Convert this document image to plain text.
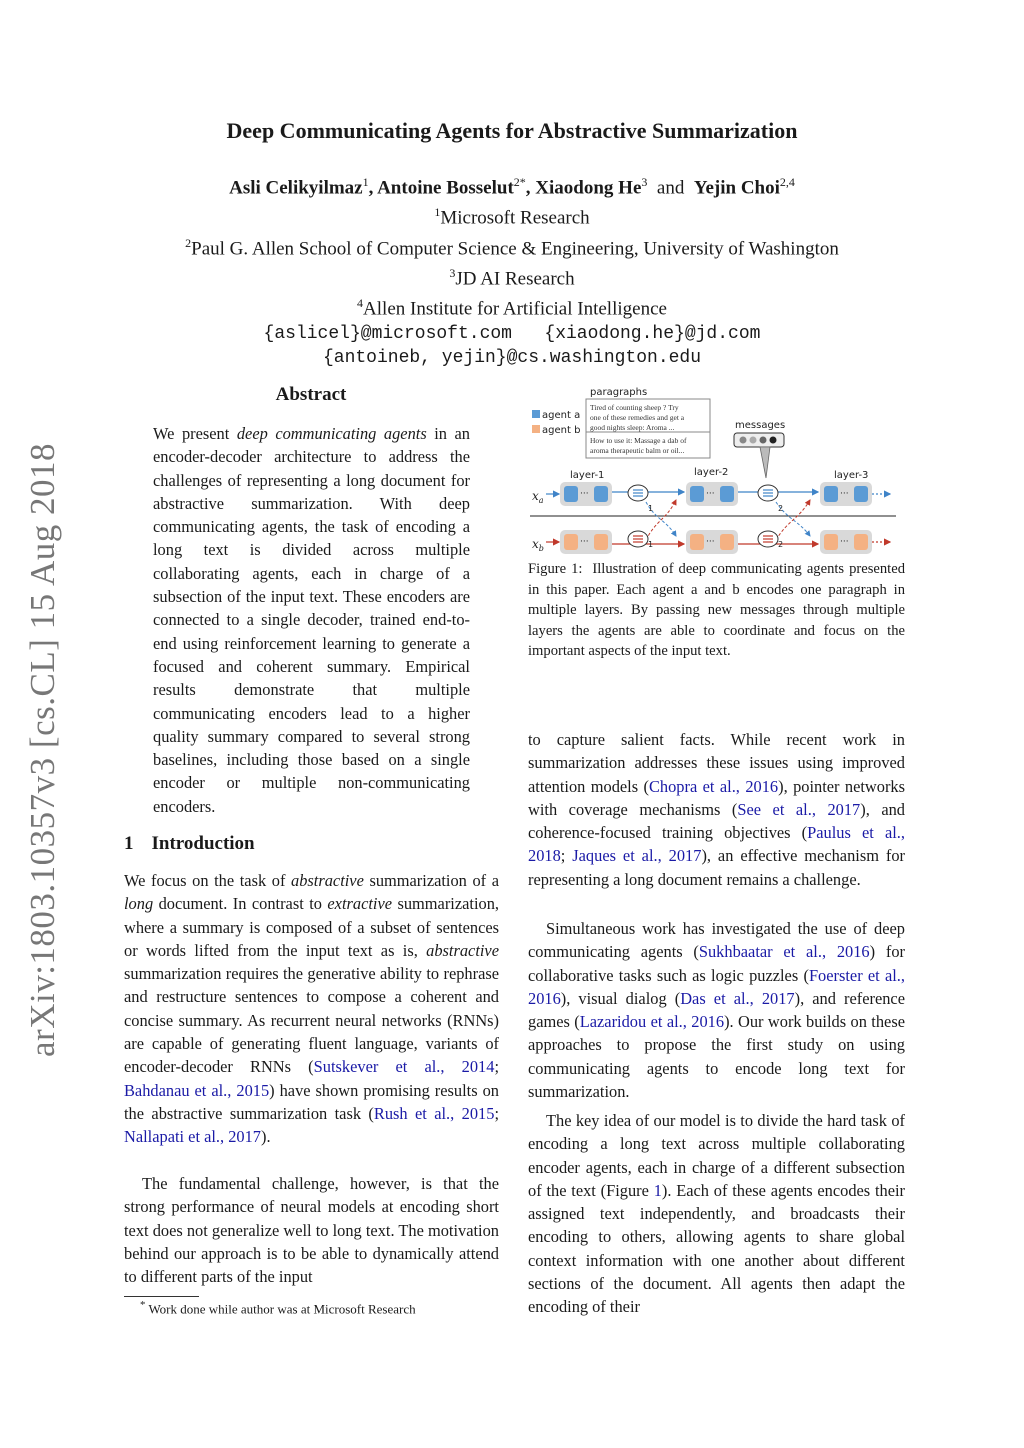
arXiv:1803.10357v3 [cs.CL] 15 Aug 2018
Deep Communicating Agents for Abstractive Summarization
Asli Celikyilmaz$^1$, Antoine Bosselut$^{2*}$, Xiaodong He$^3$ and Yejin Choi$^{2,4}$
$^1$Microsoft Research
$^2$Paul G. Allen School of Computer Science & Engineering, University of Washington
$^3$JD AI Research
$^4$Allen Institute for Artificial Intelligence
{aslicel}@microsoft.com   {xiaodong.he}@jd.com
{antoineb, yejin}@cs.washington.edu
Abstract
We present deep communicating agents in an encoder-decoder architecture to address the challenges of representing a long document for abstractive summarization. With deep communicating agents, the task of encoding a long text is divided across multiple collaborating agents, each in charge of a subsection of the input text. These encoders are connected to a single decoder, trained end-to-end using reinforcement learning to generate a focused and coherent summary. Empirical results demonstrate that multiple communicating encoders lead to a higher quality summary compared to several strong baselines, including those based on a single encoder or multiple non-communicating encoders.
1 Introduction
We focus on the task of abstractive summarization of a long document. In contrast to extractive summarization, where a summary is composed of a subset of sentences or words lifted from the input text as is, abstractive summarization requires the generative ability to rephrase and restructure sentences to compose a coherent and concise summary. As recurrent neural networks (RNNs) are capable of generating fluent language, variants of encoder-decoder RNNs (Sutskever et al., 2014; Bahdanau et al., 2015) have shown promising results on the abstractive summarization task (Rush et al., 2015; Nallapati et al., 2017).
The fundamental challenge, however, is that the strong performance of neural models at encoding short text does not generalize well to long text. The motivation behind our approach is to be able to dynamically attend to different parts of the input
* Work done while author was at Microsoft Research
paragraphs
Tired of counting sheep ? Try one of these remedies and get a good nights sleep: Aroma ...
How to use it: Massage a dab of aroma therapeutic balm or oil...
agent a
agent b	messages
layer-1	layer-2	layer-3
$x_a$
$x_b$
···	···	···
···	···	···
1	2
1	2
Figure 1: Illustration of deep communicating agents presented in this paper. Each agent a and b encodes one paragraph in multiple layers. By passing new messages through multiple layers the agents are able to coordinate and focus on the important aspects of the input text.
to capture salient facts. While recent work in summarization addresses these issues using improved attention models (Chopra et al., 2016), pointer networks with coverage mechanisms (See et al., 2017), and coherence-focused training objectives (Paulus et al., 2018; Jaques et al., 2017), an effective mechanism for representing a long document remains a challenge.
Simultaneous work has investigated the use of deep communicating agents (Sukhbaatar et al., 2016) for collaborative tasks such as logic puzzles (Foerster et al., 2016), visual dialog (Das et al., 2017), and reference games (Lazaridou et al., 2016). Our work builds on these approaches to propose the first study on using communicating agents to encode long text for summarization.
The key idea of our model is to divide the hard task of encoding a long text across multiple collaborating encoder agents, each in charge of a different subsection of the text (Figure 1). Each of these agents encodes their assigned text independently, and broadcasts their encoding to others, allowing agents to share global context information with one another about different sections of the document. All agents then adapt the encoding of their
